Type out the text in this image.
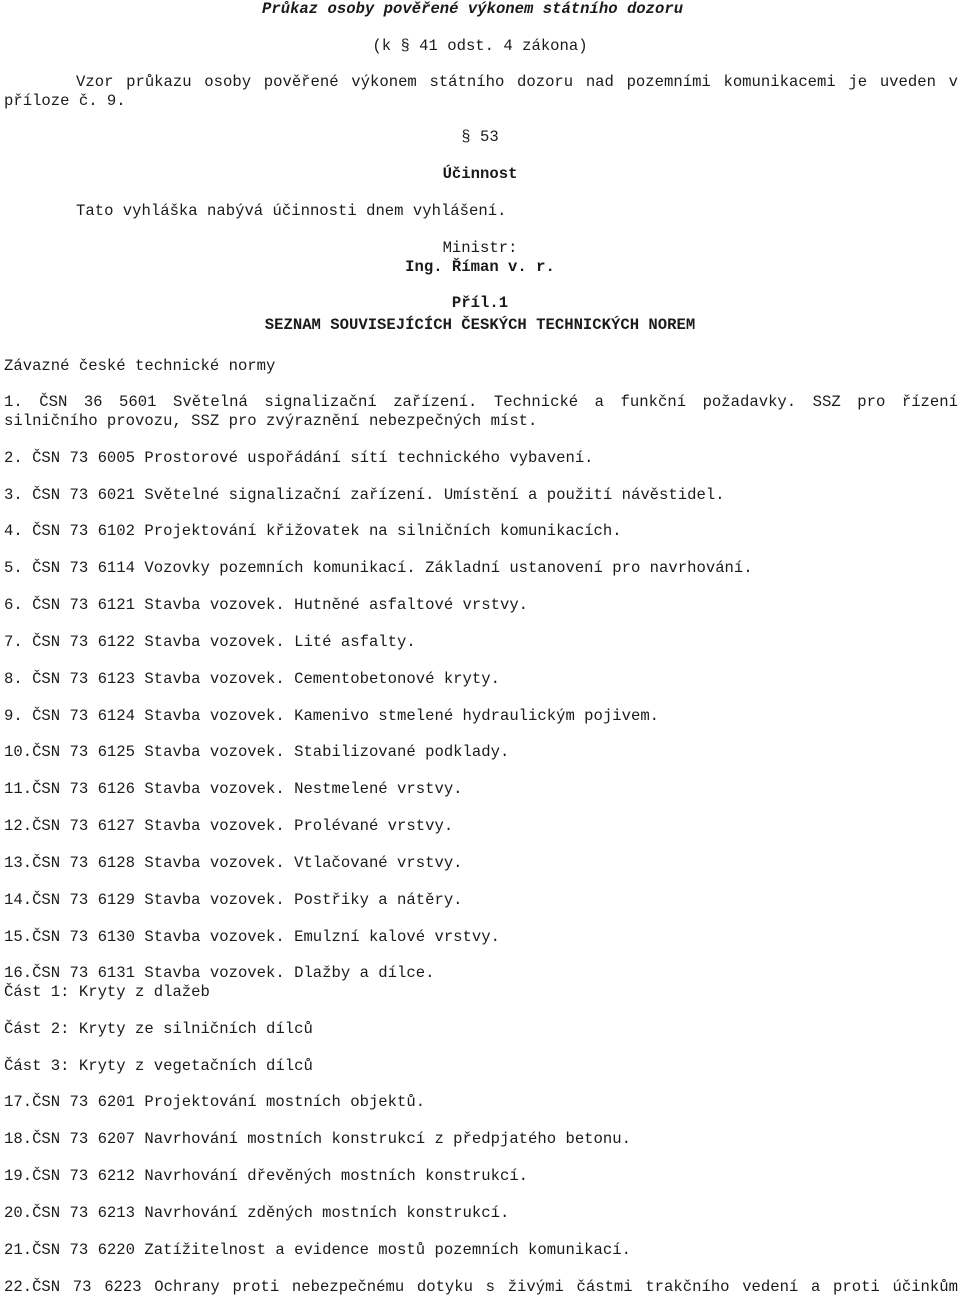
Průkaz osoby pověřené výkonem státního dozoru
(k § 41 odst. 4 zákona)
Vzor průkazu osoby pověřené výkonem státního dozoru nad pozemními komunikacemi je uveden v
příloze č. 9.
§ 53
Účinnost
Tato vyhláška nabývá účinnosti dnem vyhlášení.
Ministr:
Ing. Říman v. r.
Příl.1
SEZNAM SOUVISEJÍCÍCH ČESKÝCH TECHNICKÝCH NOREM
Závazné české technické normy
1. ČSN 36 5601 Světelná signalizační zařízení. Technické a funkční požadavky. SSZ pro řízení
silničního provozu, SSZ pro zvýraznění nebezpečných míst.
2. ČSN 73 6005 Prostorové uspořádání sítí technického vybavení.
3. ČSN 73 6021 Světelné signalizační zařízení. Umístění a použití návěstidel.
4. ČSN 73 6102 Projektování křižovatek na silničních komunikacích.
5. ČSN 73 6114 Vozovky pozemních komunikací. Základní ustanovení pro navrhování.
6. ČSN 73 6121 Stavba vozovek. Hutněné asfaltové vrstvy.
7. ČSN 73 6122 Stavba vozovek. Lité asfalty.
8. ČSN 73 6123 Stavba vozovek. Cementobetonové kryty.
9. ČSN 73 6124 Stavba vozovek. Kamenivo stmelené hydraulickým pojivem.
10.ČSN 73 6125 Stavba vozovek. Stabilizované podklady.
11.ČSN 73 6126 Stavba vozovek. Nestmelené vrstvy.
12.ČSN 73 6127 Stavba vozovek. Prolévané vrstvy.
13.ČSN 73 6128 Stavba vozovek. Vtlačované vrstvy.
14.ČSN 73 6129 Stavba vozovek. Postřiky a nátěry.
15.ČSN 73 6130 Stavba vozovek. Emulzní kalové vrstvy.
16.ČSN 73 6131 Stavba vozovek. Dlažby a dílce.
Část 1: Kryty z dlažeb
Část 2: Kryty ze silničních dílců
Část 3: Kryty z vegetačních dílců
17.ČSN 73 6201 Projektování mostních objektů.
18.ČSN 73 6207 Navrhování mostních konstrukcí z předpjatého betonu.
19.ČSN 73 6212 Navrhování dřevěných mostních konstrukcí.
20.ČSN 73 6213 Navrhování zděných mostních konstrukcí.
21.ČSN 73 6220 Zatížitelnost a evidence mostů pozemních komunikací.
22.ČSN 73 6223 Ochrany proti nebezpečnému dotyku s živými částmi trakčního vedení a proti účinkům
